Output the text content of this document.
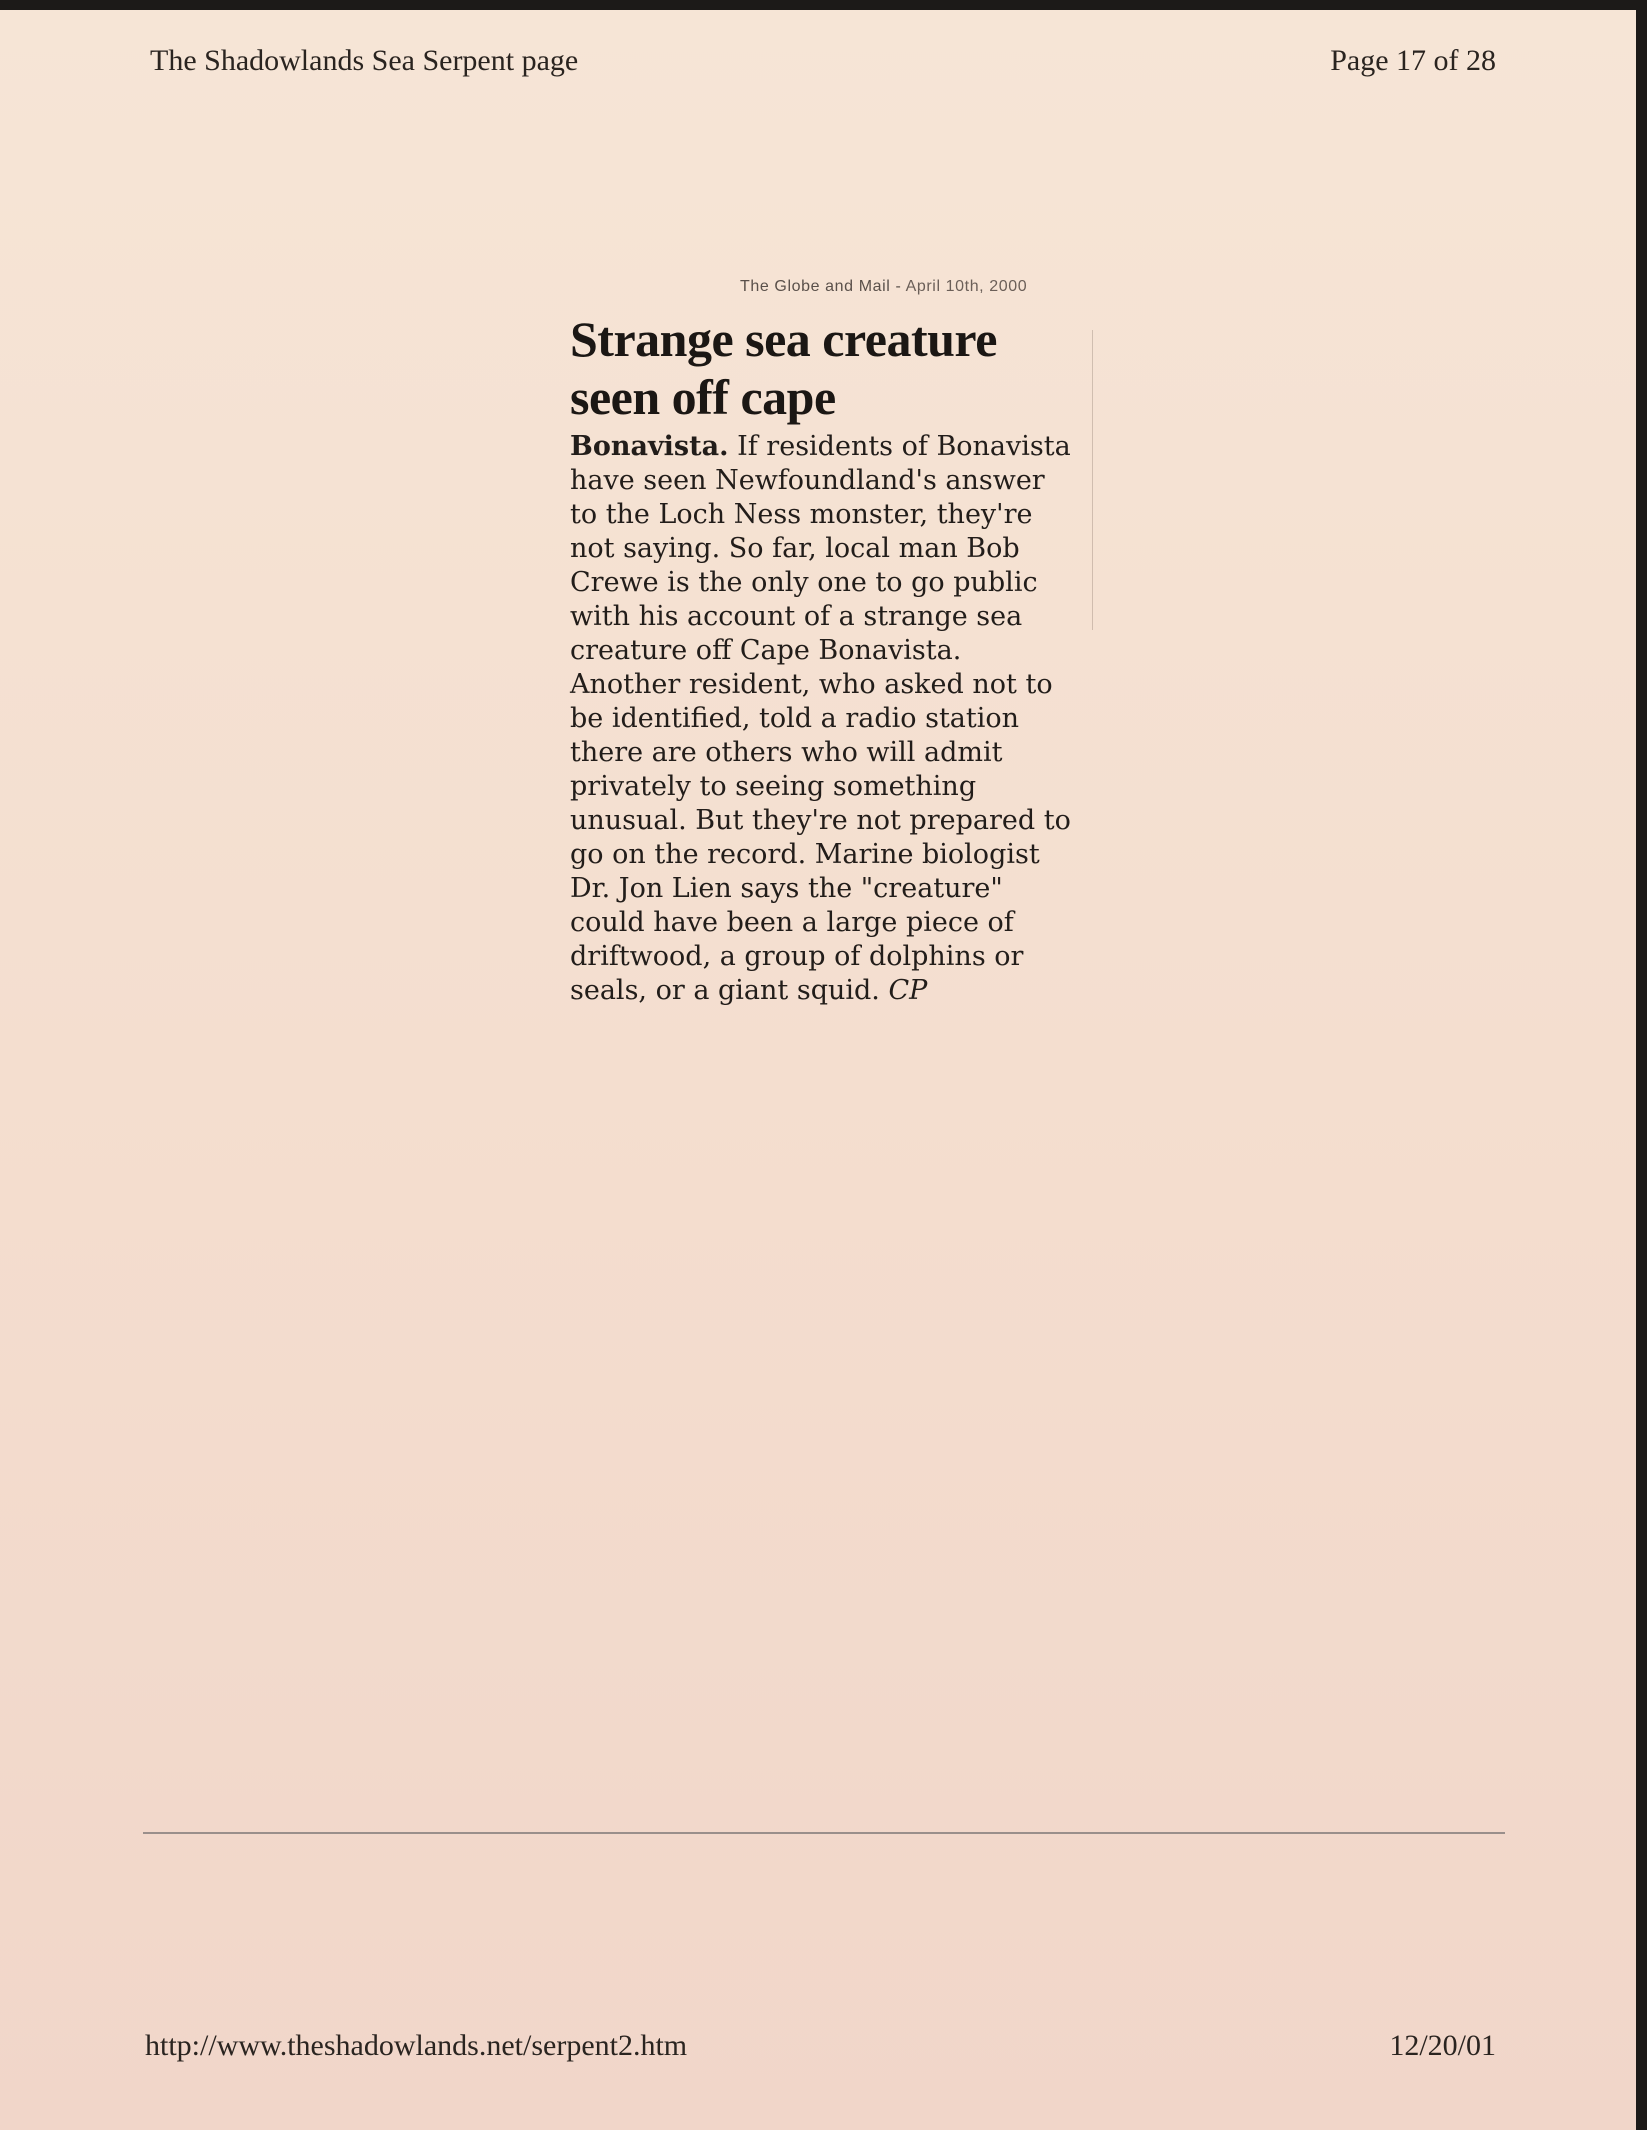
The Shadowlands Sea Serpent page	Page 17 of 28
The Globe and Mail - April 10th, 2000
Strange sea creature
seen off cape

Bonavista. If residents of Bonavista have seen Newfoundland's answer to the Loch Ness monster, they're not saying. So far, local man Bob Crewe is the only one to go public with his account of a strange sea creature off Cape Bonavista. Another resident, who asked not to be identified, told a radio station there are others who will admit privately to seeing something unusual. But they're not prepared to go on the record. Marine biologist Dr. Jon Lien says the "creature" could have been a large piece of driftwood, a group of dolphins or seals, or a giant squid. CP

http://www.theshadowlands.net/serpent2.htm	12/20/01
